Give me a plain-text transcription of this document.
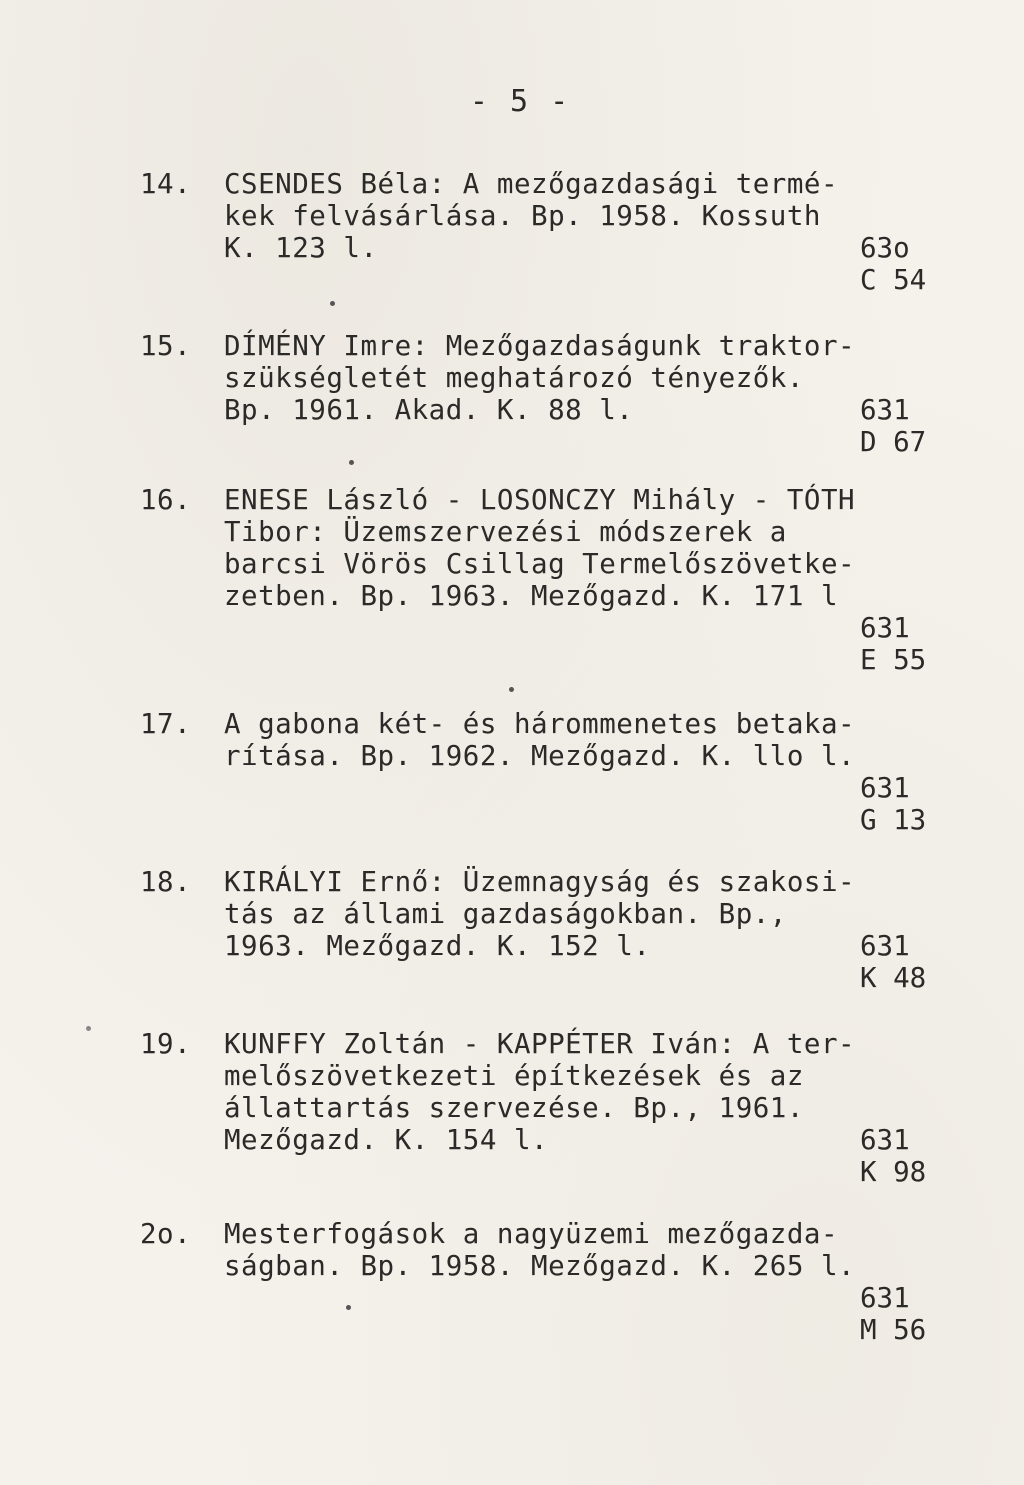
- 5 -
14.	CSENDES Béla: A mezőgazdasági termé-
kek felvásárlása. Bp. 1958. Kossuth
K. 123 l.	63o
C 54
15.	DÍMÉNY Imre: Mezőgazdaságunk traktor-
szükségletét meghatározó tényezők.
Bp. 1961. Akad. K. 88 l.	631
D 67
16.	ENESE László - LOSONCZY Mihály - TÓTH
Tibor: Üzemszervezési módszerek a
barcsi Vörös Csillag Termelőszövetke-
zetben. Bp. 1963. Mezőgazd. K. 171 l
631
E 55
17.	A gabona két- és hárommenetes betaka-
rítása. Bp. 1962. Mezőgazd. K. llo l.
631
G 13
18.	KIRÁLYI Ernő: Üzemnagyság és szakosi-
tás az állami gazdaságokban. Bp.,
1963. Mezőgazd. K. 152 l.	631
K 48
19.	KUNFFY Zoltán - KAPPÉTER Iván: A ter-
melőszövetkezeti építkezések és az
állattartás szervezése. Bp., 1961.
Mezőgazd. K. 154 l.	631
K 98
2o.	Mesterfogások a nagyüzemi mezőgazda-
ságban. Bp. 1958. Mezőgazd. K. 265 l.
631
M 56
